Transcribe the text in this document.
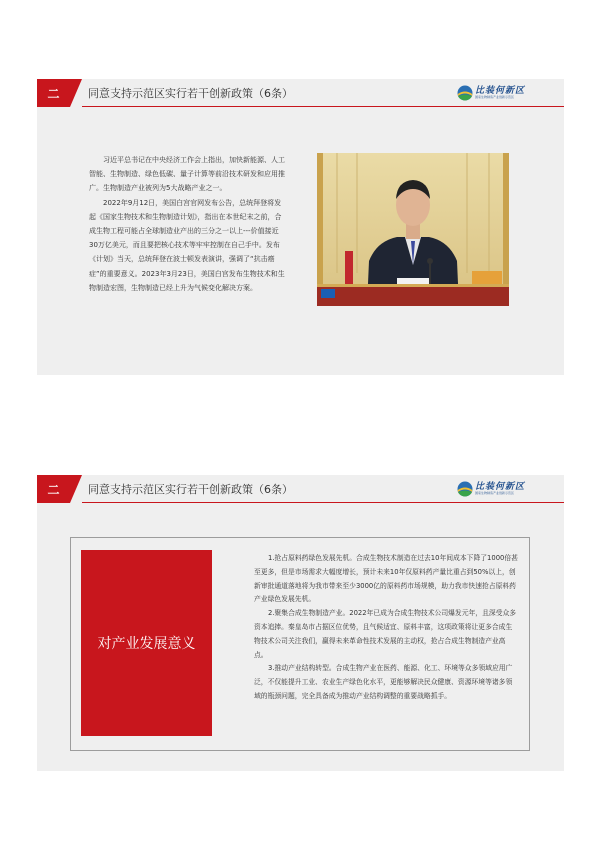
二	同意支持示范区实行若干创新政策（6条）	比装何新区
国家生物制造产业创新示范区

习近平总书记在中央经济工作会上指出，加快新能源、人工智能、生物制造、绿色低碳、量子计算等前沿技术研发和应用推广。生物制造产业被列为5大战略产业之一。

2022年9月12日，美国白宫官网发布公告，总统拜登将发起《国家生物技术和生物制造计划》，指出在本世纪末之前，合成生物工程可能占全球制造业产出的三分之一以上---价值接近30万亿美元，而且要把核心技术等牢牢控制在自己手中。发布《计划》当天，总统拜登在波士顿发表演讲，强调了“抗击癌症”的重要意义。2023年3月23日，美国白宫发布生物技术和生物制造宏图，生物制造已经上升为气候变化解决方案。

二	同意支持示范区实行若干创新政策（6条）	比装何新区
国家生物制造产业创新示范区
对产业发展意义

1.抢占原料药绿色发展先机。合成生物技术制造在过去10年间成本下降了1000倍甚至更多，但是市场需求大幅度增长，预计未来10年仅原料药产量比重占到50%以上，创新审批通道落地将为我市带来至少3000亿的原料药市场规模，助力我市快速抢占原料药产业绿色发展先机。

2.聚集合成生物制造产业。2022年已成为合成生物技术公司爆发元年，且深受众多资本追捧。秦皇岛市占据区位优势，且气候适宜、原料丰富，这项政策将让更多合成生物技术公司关注我们，赢得未来革命性技术发展的主动权，抢占合成生物制造产业高点。

3.推动产业结构转型。合成生物产业在医药、能源、化工、环境等众多领域应用广泛，不仅能提升工业、农业生产绿色化水平，更能够解决民众健康、资源环境等诸多领域的瓶颈问题，完全具备成为推动产业结构调整的重要战略抓手。
